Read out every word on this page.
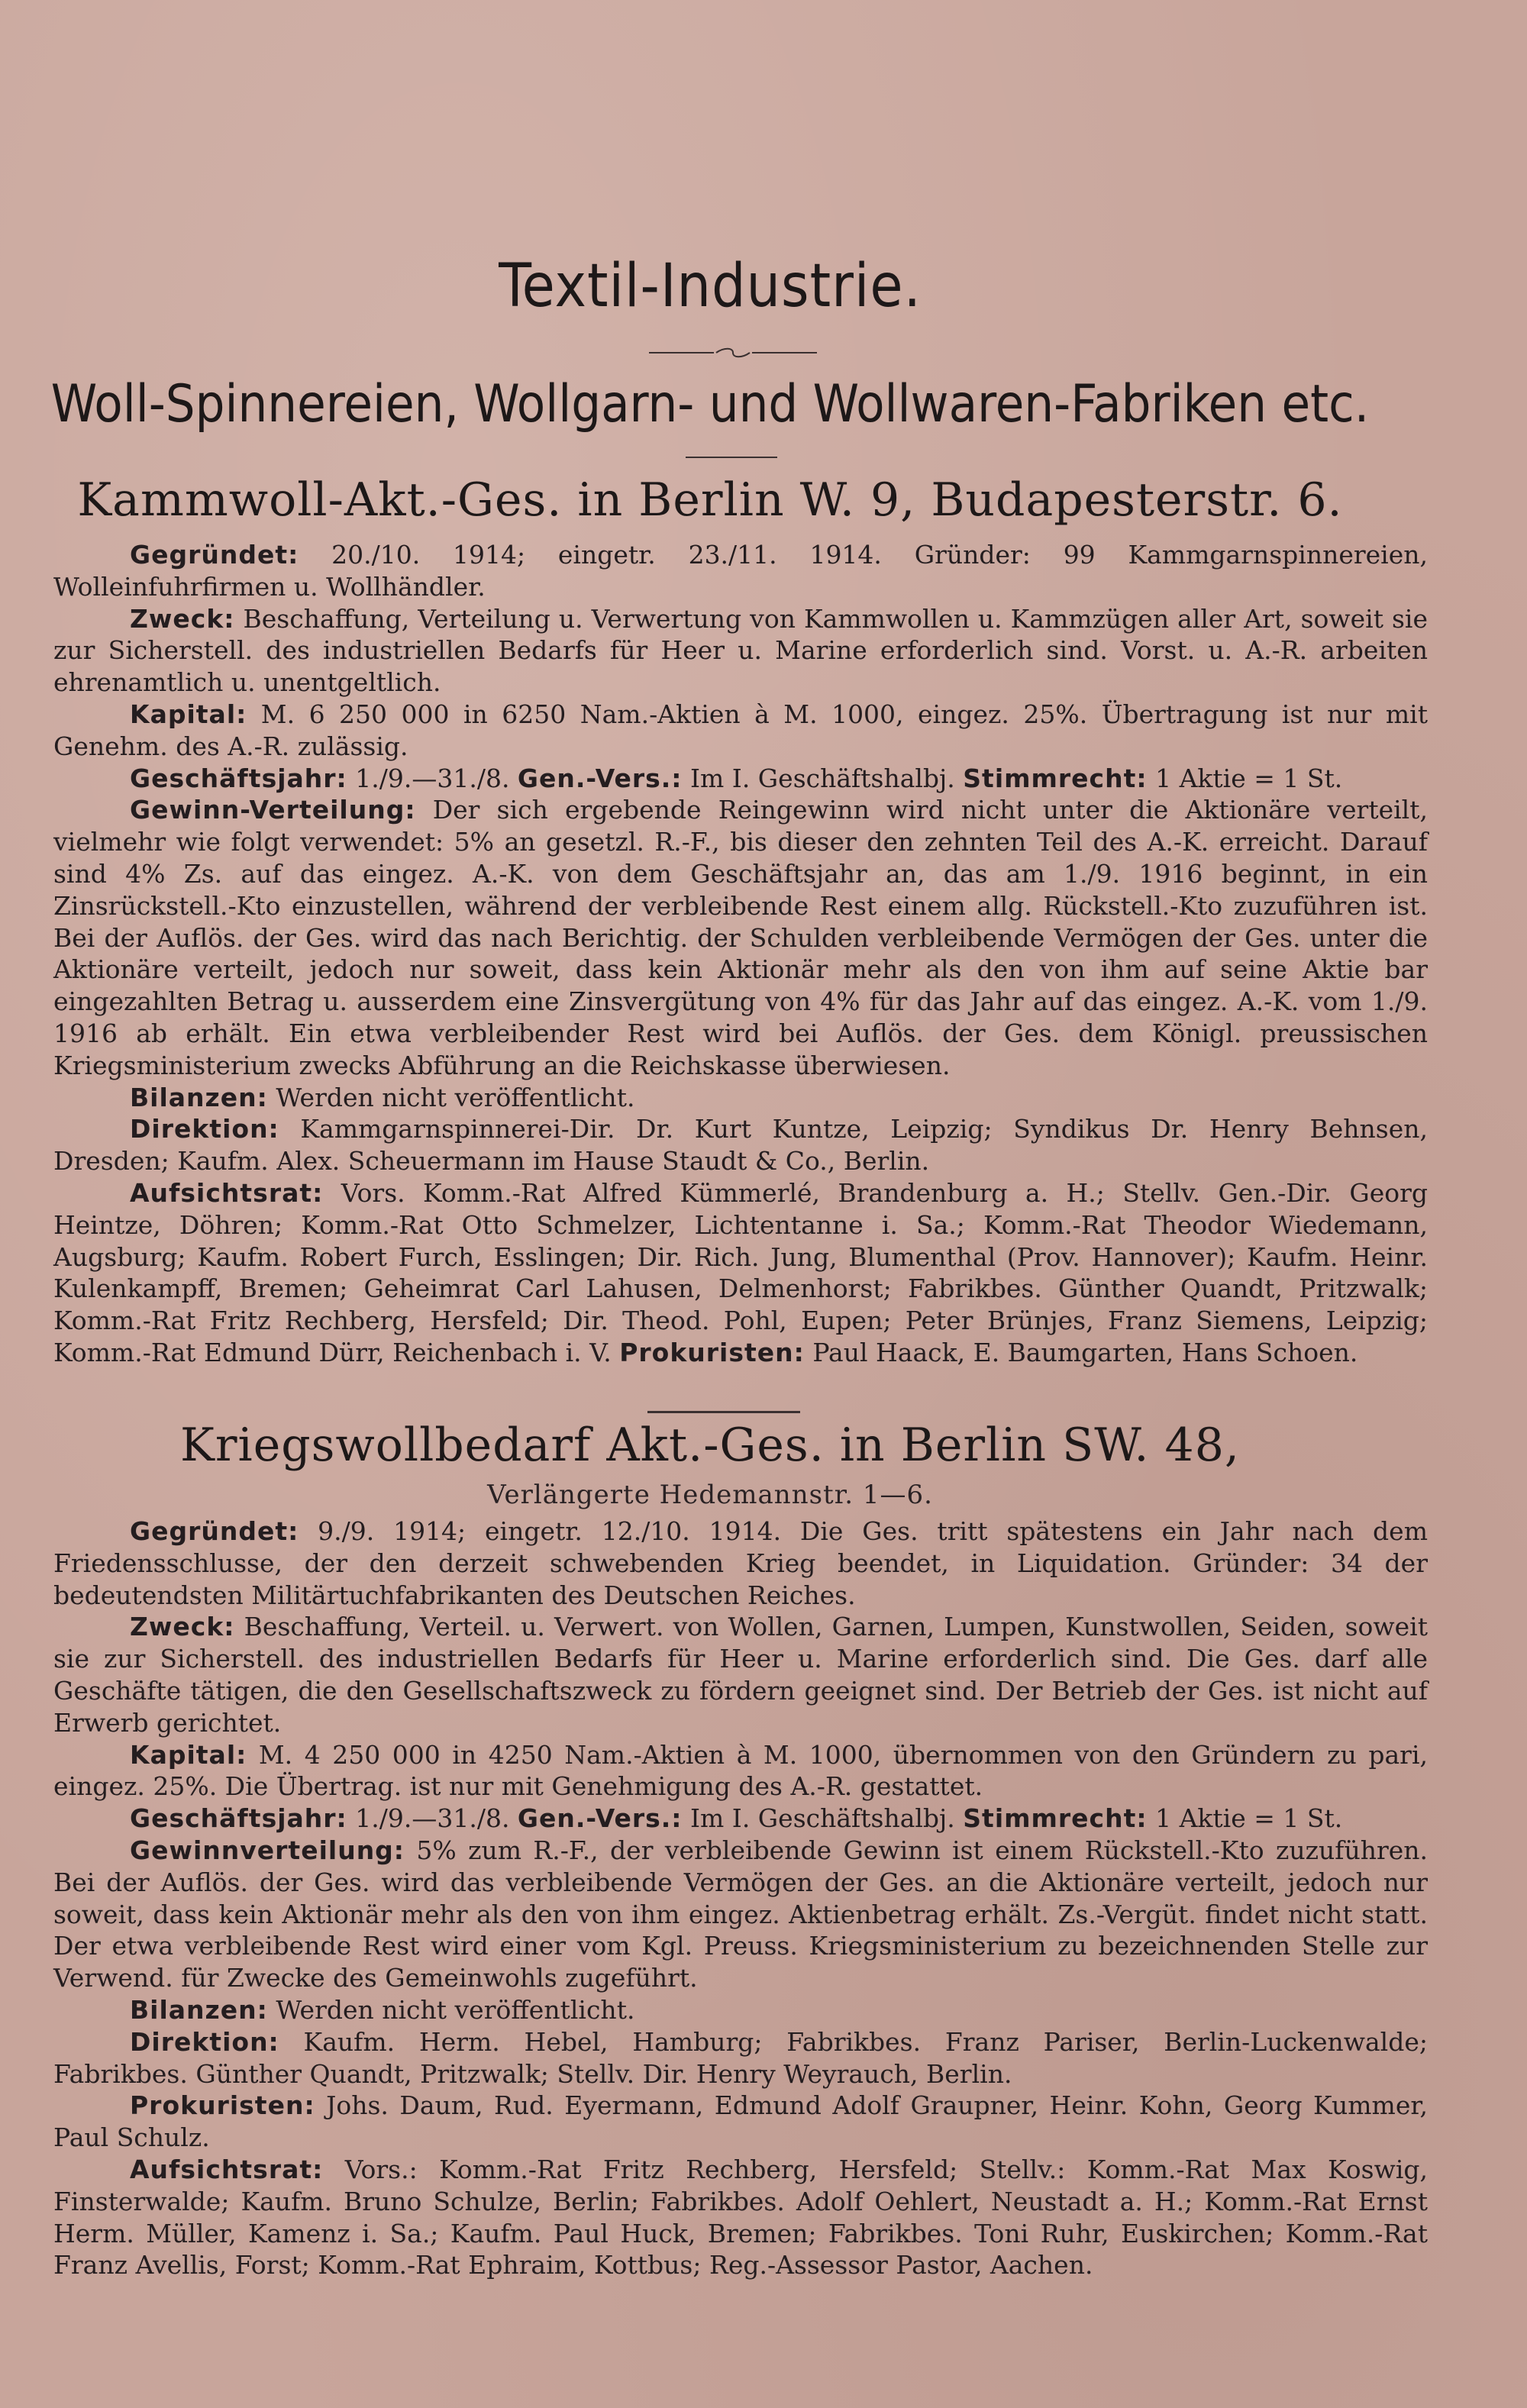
Textil-Industrie.
Woll-Spinnereien, Wollgarn- und Wollwaren-Fabriken etc.
Kammwoll-Akt.-Ges. in Berlin W. 9, Budapesterstr. 6.

Gegründet: 20./10. 1914; eingetr. 23./11. 1914. Gründer: 99 Kammgarnspinnereien, Wolleinfuhrfirmen u. Wollhändler.

Zweck: Beschaffung, Verteilung u. Verwertung von Kammwollen u. Kammzügen aller Art, soweit sie zur Sicherstell. des industriellen Bedarfs für Heer u. Marine erforderlich sind. Vorst. u. A.-R. arbeiten ehrenamtlich u. unentgeltlich.

Kapital: M. 6 250 000 in 6250 Nam.-Aktien à M. 1000, eingez. 25%. Übertragung ist nur mit Genehm. des A.-R. zulässig.

Geschäftsjahr: 1./9.—31./8. Gen.-Vers.: Im I. Geschäftshalbj. Stimmrecht: 1 Aktie = 1 St.

Gewinn-Verteilung: Der sich ergebende Reingewinn wird nicht unter die Aktionäre verteilt, vielmehr wie folgt verwendet: 5% an gesetzl. R.-F., bis dieser den zehnten Teil des A.-K. erreicht. Darauf sind 4% Zs. auf das eingez. A.-K. von dem Geschäftsjahr an, das am 1./9. 1916 beginnt, in ein Zinsrückstell.-Kto einzustellen, während der verbleibende Rest einem allg. Rückstell.-Kto zuzuführen ist. Bei der Auflös. der Ges. wird das nach Berichtig. der Schulden verbleibende Vermögen der Ges. unter die Aktionäre verteilt, jedoch nur soweit, dass kein Aktionär mehr als den von ihm auf seine Aktie bar eingezahlten Betrag u. ausserdem eine Zinsvergütung von 4% für das Jahr auf das eingez. A.-K. vom 1./9. 1916 ab erhält. Ein etwa verbleibender Rest wird bei Auflös. der Ges. dem Königl. preussischen Kriegsministerium zwecks Abführung an die Reichskasse überwiesen.

Bilanzen: Werden nicht veröffentlicht.

Direktion: Kammgarnspinnerei-Dir. Dr. Kurt Kuntze, Leipzig; Syndikus Dr. Henry Behnsen, Dresden; Kaufm. Alex. Scheuermann im Hause Staudt & Co., Berlin.

Aufsichtsrat: Vors. Komm.-Rat Alfred Kümmerlé, Brandenburg a. H.; Stellv. Gen.-Dir. Georg Heintze, Döhren; Komm.-Rat Otto Schmelzer, Lichtentanne i. Sa.; Komm.-Rat Theodor Wiedemann, Augsburg; Kaufm. Robert Furch, Esslingen; Dir. Rich. Jung, Blumenthal (Prov. Hannover); Kaufm. Heinr. Kulenkampff, Bremen; Geheimrat Carl Lahusen, Delmenhorst; Fabrikbes. Günther Quandt, Pritzwalk; Komm.-Rat Fritz Rechberg, Hersfeld; Dir. Theod. Pohl, Eupen; Peter Brünjes, Franz Siemens, Leipzig; Komm.-Rat Edmund Dürr, Reichenbach i. V. Prokuristen: Paul Haack, E. Baumgarten, Hans Schoen.

Kriegswollbedarf Akt.-Ges. in Berlin SW. 48,
Verlängerte Hedemannstr. 1—6.

Gegründet: 9./9. 1914; eingetr. 12./10. 1914. Die Ges. tritt spätestens ein Jahr nach dem Friedensschlusse, der den derzeit schwebenden Krieg beendet, in Liquidation. Gründer: 34 der bedeutendsten Militärtuchfabrikanten des Deutschen Reiches.

Zweck: Beschaffung, Verteil. u. Verwert. von Wollen, Garnen, Lumpen, Kunstwollen, Seiden, soweit sie zur Sicherstell. des industriellen Bedarfs für Heer u. Marine erforderlich sind. Die Ges. darf alle Geschäfte tätigen, die den Gesellschaftszweck zu fördern geeignet sind. Der Betrieb der Ges. ist nicht auf Erwerb gerichtet.

Kapital: M. 4 250 000 in 4250 Nam.-Aktien à M. 1000, übernommen von den Gründern zu pari, eingez. 25%. Die Übertrag. ist nur mit Genehmigung des A.-R. gestattet.

Geschäftsjahr: 1./9.—31./8. Gen.-Vers.: Im I. Geschäftshalbj. Stimmrecht: 1 Aktie = 1 St.

Gewinnverteilung: 5% zum R.-F., der verbleibende Gewinn ist einem Rückstell.-Kto zuzuführen. Bei der Auflös. der Ges. wird das verbleibende Vermögen der Ges. an die Aktionäre verteilt, jedoch nur soweit, dass kein Aktionär mehr als den von ihm eingez. Aktienbetrag erhält. Zs.-Vergüt. findet nicht statt. Der etwa verbleibende Rest wird einer vom Kgl. Preuss. Kriegsministerium zu bezeichnenden Stelle zur Verwend. für Zwecke des Gemeinwohls zugeführt.

Bilanzen: Werden nicht veröffentlicht.

Direktion: Kaufm. Herm. Hebel, Hamburg; Fabrikbes. Franz Pariser, Berlin-Luckenwalde; Fabrikbes. Günther Quandt, Pritzwalk; Stellv. Dir. Henry Weyrauch, Berlin.

Prokuristen: Johs. Daum, Rud. Eyermann, Edmund Adolf Graupner, Heinr. Kohn, Georg Kummer, Paul Schulz.

Aufsichtsrat: Vors.: Komm.-Rat Fritz Rechberg, Hersfeld; Stellv.: Komm.-Rat Max Koswig, Finsterwalde; Kaufm. Bruno Schulze, Berlin; Fabrikbes. Adolf Oehlert, Neustadt a. H.; Komm.-Rat Ernst Herm. Müller, Kamenz i. Sa.; Kaufm. Paul Huck, Bremen; Fabrikbes. Toni Ruhr, Euskirchen; Komm.-Rat Franz Avellis, Forst; Komm.-Rat Ephraim, Kottbus; Reg.-Assessor Pastor, Aachen.
